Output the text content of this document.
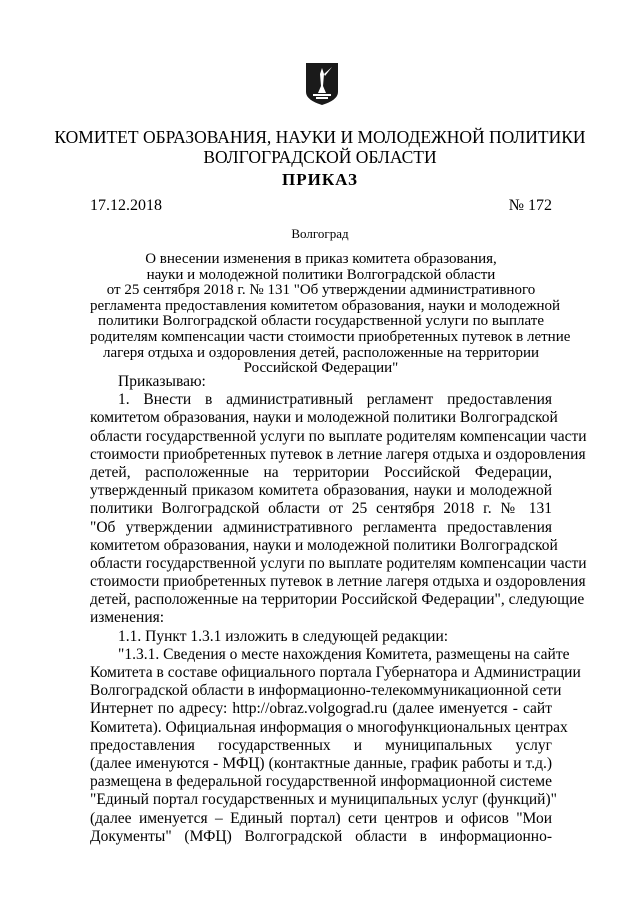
КОМИТЕТ ОБРАЗОВАНИЯ, НАУКИ И МОЛОДЕЖНОЙ ПОЛИТИКИ
ВОЛГОГРАДСКОЙ ОБЛАСТИ
ПРИКАЗ
17.12.2018	№ 172
Волгоград
О внесении изменения в приказ комитета образования,
науки и молодежной политики Волгоградской области
от 25 сентября 2018 г. № 131 "Об утверждении административного
регламента предоставления комитетом образования, науки и молодежной
политики Волгоградской области государственной услуги по выплате
родителям компенсации части стоимости приобретенных путевок в летние
лагеря отдыха и оздоровления детей, расположенные на территории
Российской Федерации"
Приказываю:
1. Внести в административный регламент предоставления
комитетом образования, науки и молодежной политики Волгоградской
области государственной услуги по выплате родителям компенсации части
стоимости приобретенных путевок в летние лагеря отдыха и оздоровления
детей, расположенные на территории Российской Федерации,
утвержденный приказом комитета образования, науки и молодежной
политики Волгоградской области от 25 сентября 2018 г. № 131
"Об утверждении административного регламента предоставления
комитетом образования, науки и молодежной политики Волгоградской
области государственной услуги по выплате родителям компенсации части
стоимости приобретенных путевок в летние лагеря отдыха и оздоровления
детей, расположенные на территории Российской Федерации", следующие
изменения:
1.1. Пункт 1.3.1 изложить в следующей редакции:
"1.3.1. Сведения о месте нахождения Комитета, размещены на сайте
Комитета в составе официального портала Губернатора и Администрации
Волгоградской области в информационно-телекоммуникационной сети
Интернет по адресу: http://obraz.volgograd.ru (далее именуется - сайт
Комитета). Официальная информация о многофункциональных центрах
предоставления государственных и муниципальных услуг
(далее именуются - МФЦ) (контактные данные, график работы и т.д.)
размещена в федеральной государственной информационной системе
"Единый портал государственных и муниципальных услуг (функций)"
(далее именуется – Единый портал) сети центров и офисов "Мои
Документы" (МФЦ) Волгоградской области в информационно-
